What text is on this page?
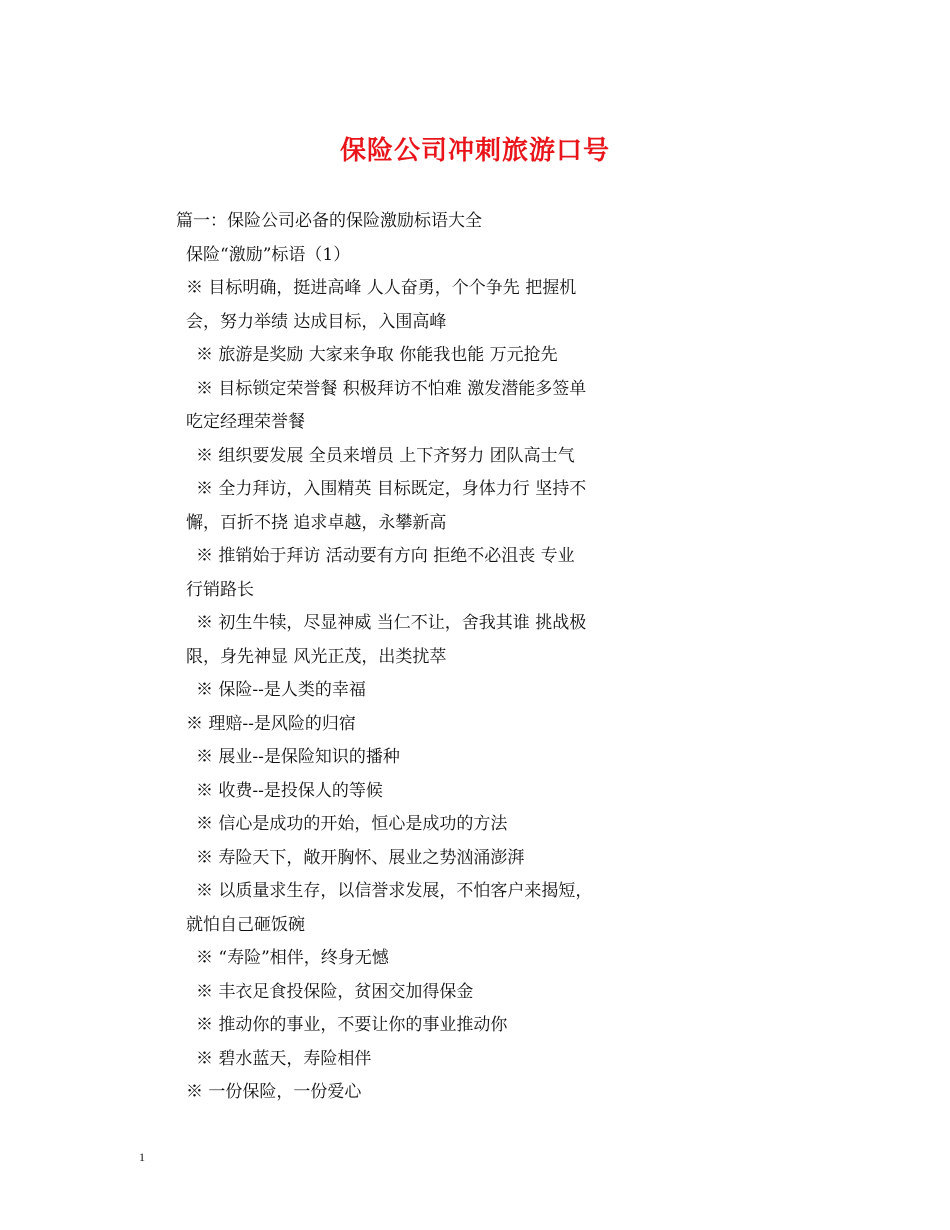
保险公司冲刺旅游口号
篇一：保险公司必备的保险激励标语大全
保险“激励”标语（1）
※ 目标明确，挺进高峰 人人奋勇，个个争先 把握机
会，努力举绩 达成目标，入围高峰
※ 旅游是奖励 大家来争取 你能我也能 万元抢先
※ 目标锁定荣誉餐 积极拜访不怕难 激发潜能多签单
吃定经理荣誉餐
※ 组织要发展 全员来增员 上下齐努力 团队高士气
※ 全力拜访，入围精英 目标既定，身体力行 坚持不
懈，百折不挠 追求卓越，永攀新高
※ 推销始于拜访 活动要有方向 拒绝不必沮丧 专业
行销路长
※ 初生牛犊，尽显神威 当仁不让，舍我其谁 挑战极
限，身先神显 风光正茂，出类扰萃
※ 保险--是人类的幸福
※ 理赔--是风险的归宿
※ 展业--是保险知识的播种
※ 收费--是投保人的等候
※ 信心是成功的开始，恒心是成功的方法
※ 寿险天下，敞开胸怀、展业之势汹涌澎湃
※ 以质量求生存，以信誉求发展，不怕客户来揭短，
就怕自己砸饭碗
※ “寿险”相伴，终身无憾
※ 丰衣足食投保险，贫困交加得保金
※ 推动你的事业，不要让你的事业推动你
※ 碧水蓝天，寿险相伴
※ 一份保险，一份爱心
1
